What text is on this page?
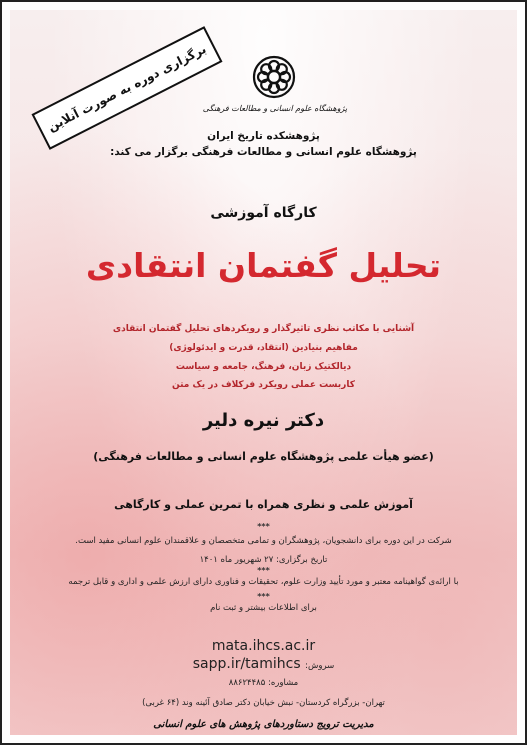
برگزاری دوره به صورت آنلاین
پژوهشگاه علوم انسانی و مطالعات فرهنگی
پژوهشکده تاریخ ایران
پژوهشگاه علوم انسانی و مطالعات فرهنگی برگزار می کند:
کارگاه آموزشی
تحلیل گفتمان انتقادی
آشنایی با مکاتب نظری تاثیرگذار و رویکردهای تحلیل گفتمان انتقادی
مفاهیم بنیادین (انتقاد، قدرت و ایدئولوژی)
دیالکتیک زبان، فرهنگ، جامعه و سیاست
کاربست عملی رویکرد فرکلاف در یک متن
دکتر نیره دلیر
(عضو هیأت علمی پژوهشگاه علوم انسانی و مطالعات فرهنگی)
آموزش علمی و نظری همراه با تمرین عملی و کارگاهی
***
شرکت در این دوره برای دانشجویان، پژوهشگران و تمامی متخصصان و علاقمندان علوم انسانی مفید است.
تاریخ برگزاری: ۲۷ شهریور ماه ۱۴۰۱
***
با ارائه‌ی گواهینامه معتبر و مورد تأیید وزارت علوم، تحقیقات و فناوری دارای ارزش علمی و اداری و قابل ترجمه
***
برای اطلاعات بیشتر و ثبت نام
mata.ihcs.ac.ir
سروش: sapp.ir/tamihcs
مشاوره: ۸۸۶۲۴۴۸۵
تهران- بزرگراه کردستان- نبش خیابان دکتر صادق آئینه وند (۶۴ غربی)
مدیریت ترویج دستاوردهای پژوهش های علوم انسانی
